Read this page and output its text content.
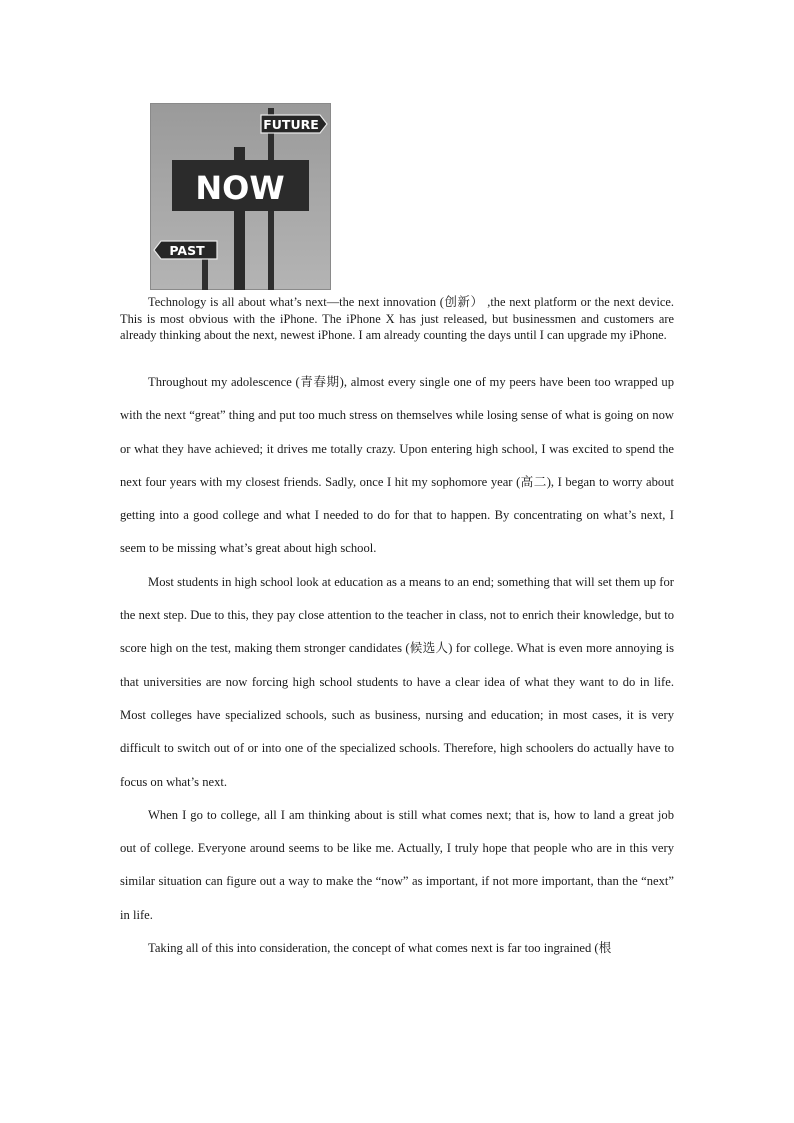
FUTURE
NOW
PAST

Technology is all about what’s next—the next innovation (创新） ,the next platform or the next device. This is most obvious with the iPhone. The iPhone X has just released, but businessmen and customers are already thinking about the next, newest iPhone. I am already counting the days until I can upgrade my iPhone.

Throughout my adolescence (青春期), almost every single one of my peers have been too wrapped up with the next “great” thing and put too much stress on themselves while losing sense of what is going on now or what they have achieved; it drives me totally crazy. Upon entering high school, I was excited to spend the next four years with my closest friends. Sadly, once I hit my sophomore year (高二), I began to worry about getting into a good college and what I needed to do for that to happen. By concentrating on what’s next, I seem to be missing what’s great about high school.

Most students in high school look at education as a means to an end; something that will set them up for the next step. Due to this, they pay close attention to the teacher in class, not to enrich their knowledge, but to score high on the test, making them stronger candidates (候选人) for college. What is even more annoying is that universities are now forcing high school students to have a clear idea of what they want to do in life. Most colleges have specialized schools, such as business, nursing and education; in most cases, it is very difficult to switch out of or into one of the specialized schools. Therefore, high schoolers do actually have to focus on what’s next.

When I go to college, all I am thinking about is still what comes next; that is, how to land a great job out of college. Everyone around seems to be like me. Actually, I truly hope that people who are in this very similar situation can figure out a way to make the “now” as important, if not more important, than the “next” in life.

Taking all of this into consideration, the concept of what comes next is far too ingrained (根
